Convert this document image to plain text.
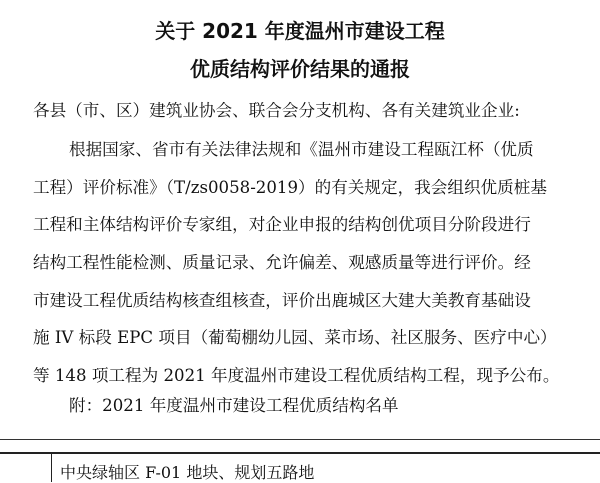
关于 2021 年度温州市建设工程
优质结构评价结果的通报
各县（市、区）建筑业协会、联合会分支机构、各有关建筑业企业:
根据国家、省市有关法律法规和《温州市建设工程瓯江杯（优质
工程）评价标准》（T/zs0058-2019）的有关规定，我会组织优质桩基
工程和主体结构评价专家组，对企业申报的结构创优项目分阶段进行
结构工程性能检测、质量记录、允许偏差、观感质量等进行评价。经
市建设工程优质结构核查组核查，评价出鹿城区大建大美教育基础设
施 IV 标段 EPC 项目（葡萄棚幼儿园、菜市场、社区服务、医疗中心）
等 148 项工程为 2021 年度温州市建设工程优质结构工程，现予公布。
附：2021 年度温州市建设工程优质结构名单
中央绿轴区 F-01 地块、规划五路地
